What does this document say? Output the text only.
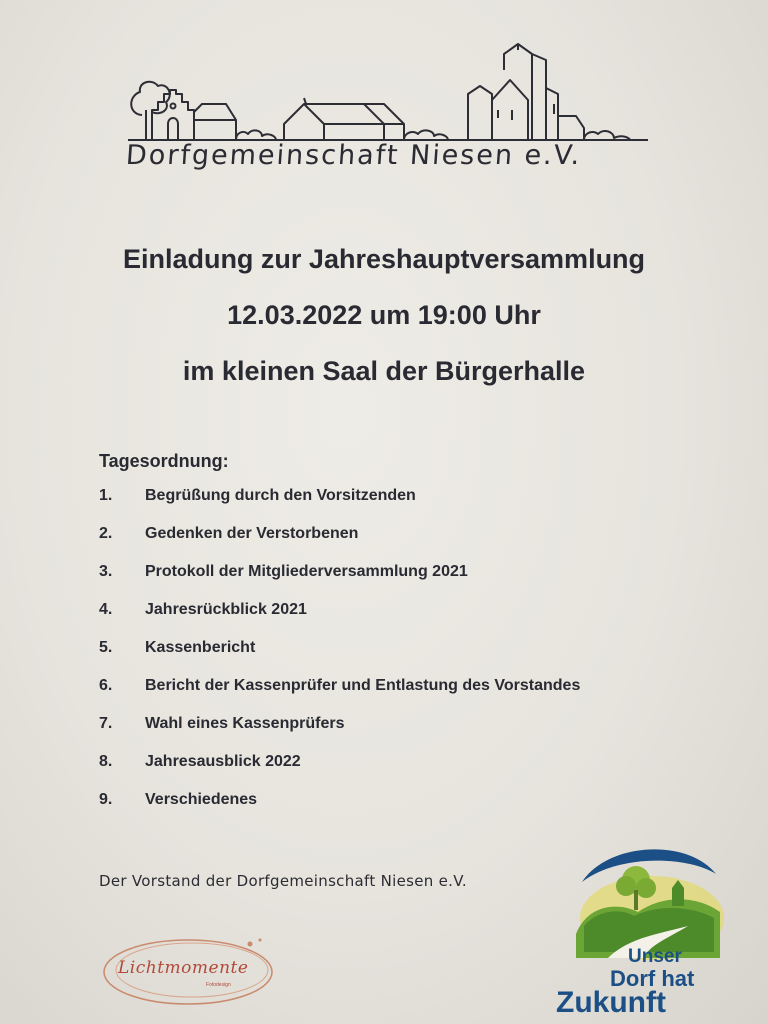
Dorfgemeinschaft Niesen e.V.
Einladung zur Jahreshauptversammlung
12.03.2022 um 19:00 Uhr
im kleinen Saal der Bürgerhalle
Tagesordnung:
1.	Begrüßung durch den Vorsitzenden
2.	Gedenken der Verstorbenen
3.	Protokoll der Mitgliederversammlung 2021
4.	Jahresrückblick 2021
5.	Kassenbericht
6.	Bericht der Kassenprüfer und Entlastung des Vorstandes
7.	Wahl eines Kassenprüfers
8.	Jahresausblick 2022
9.	Verschiedenes
Der Vorstand der Dorfgemeinschaft Niesen e.V.
Lichtmomente
Fotodesign
Unser
Dorf hat
Zukunft
